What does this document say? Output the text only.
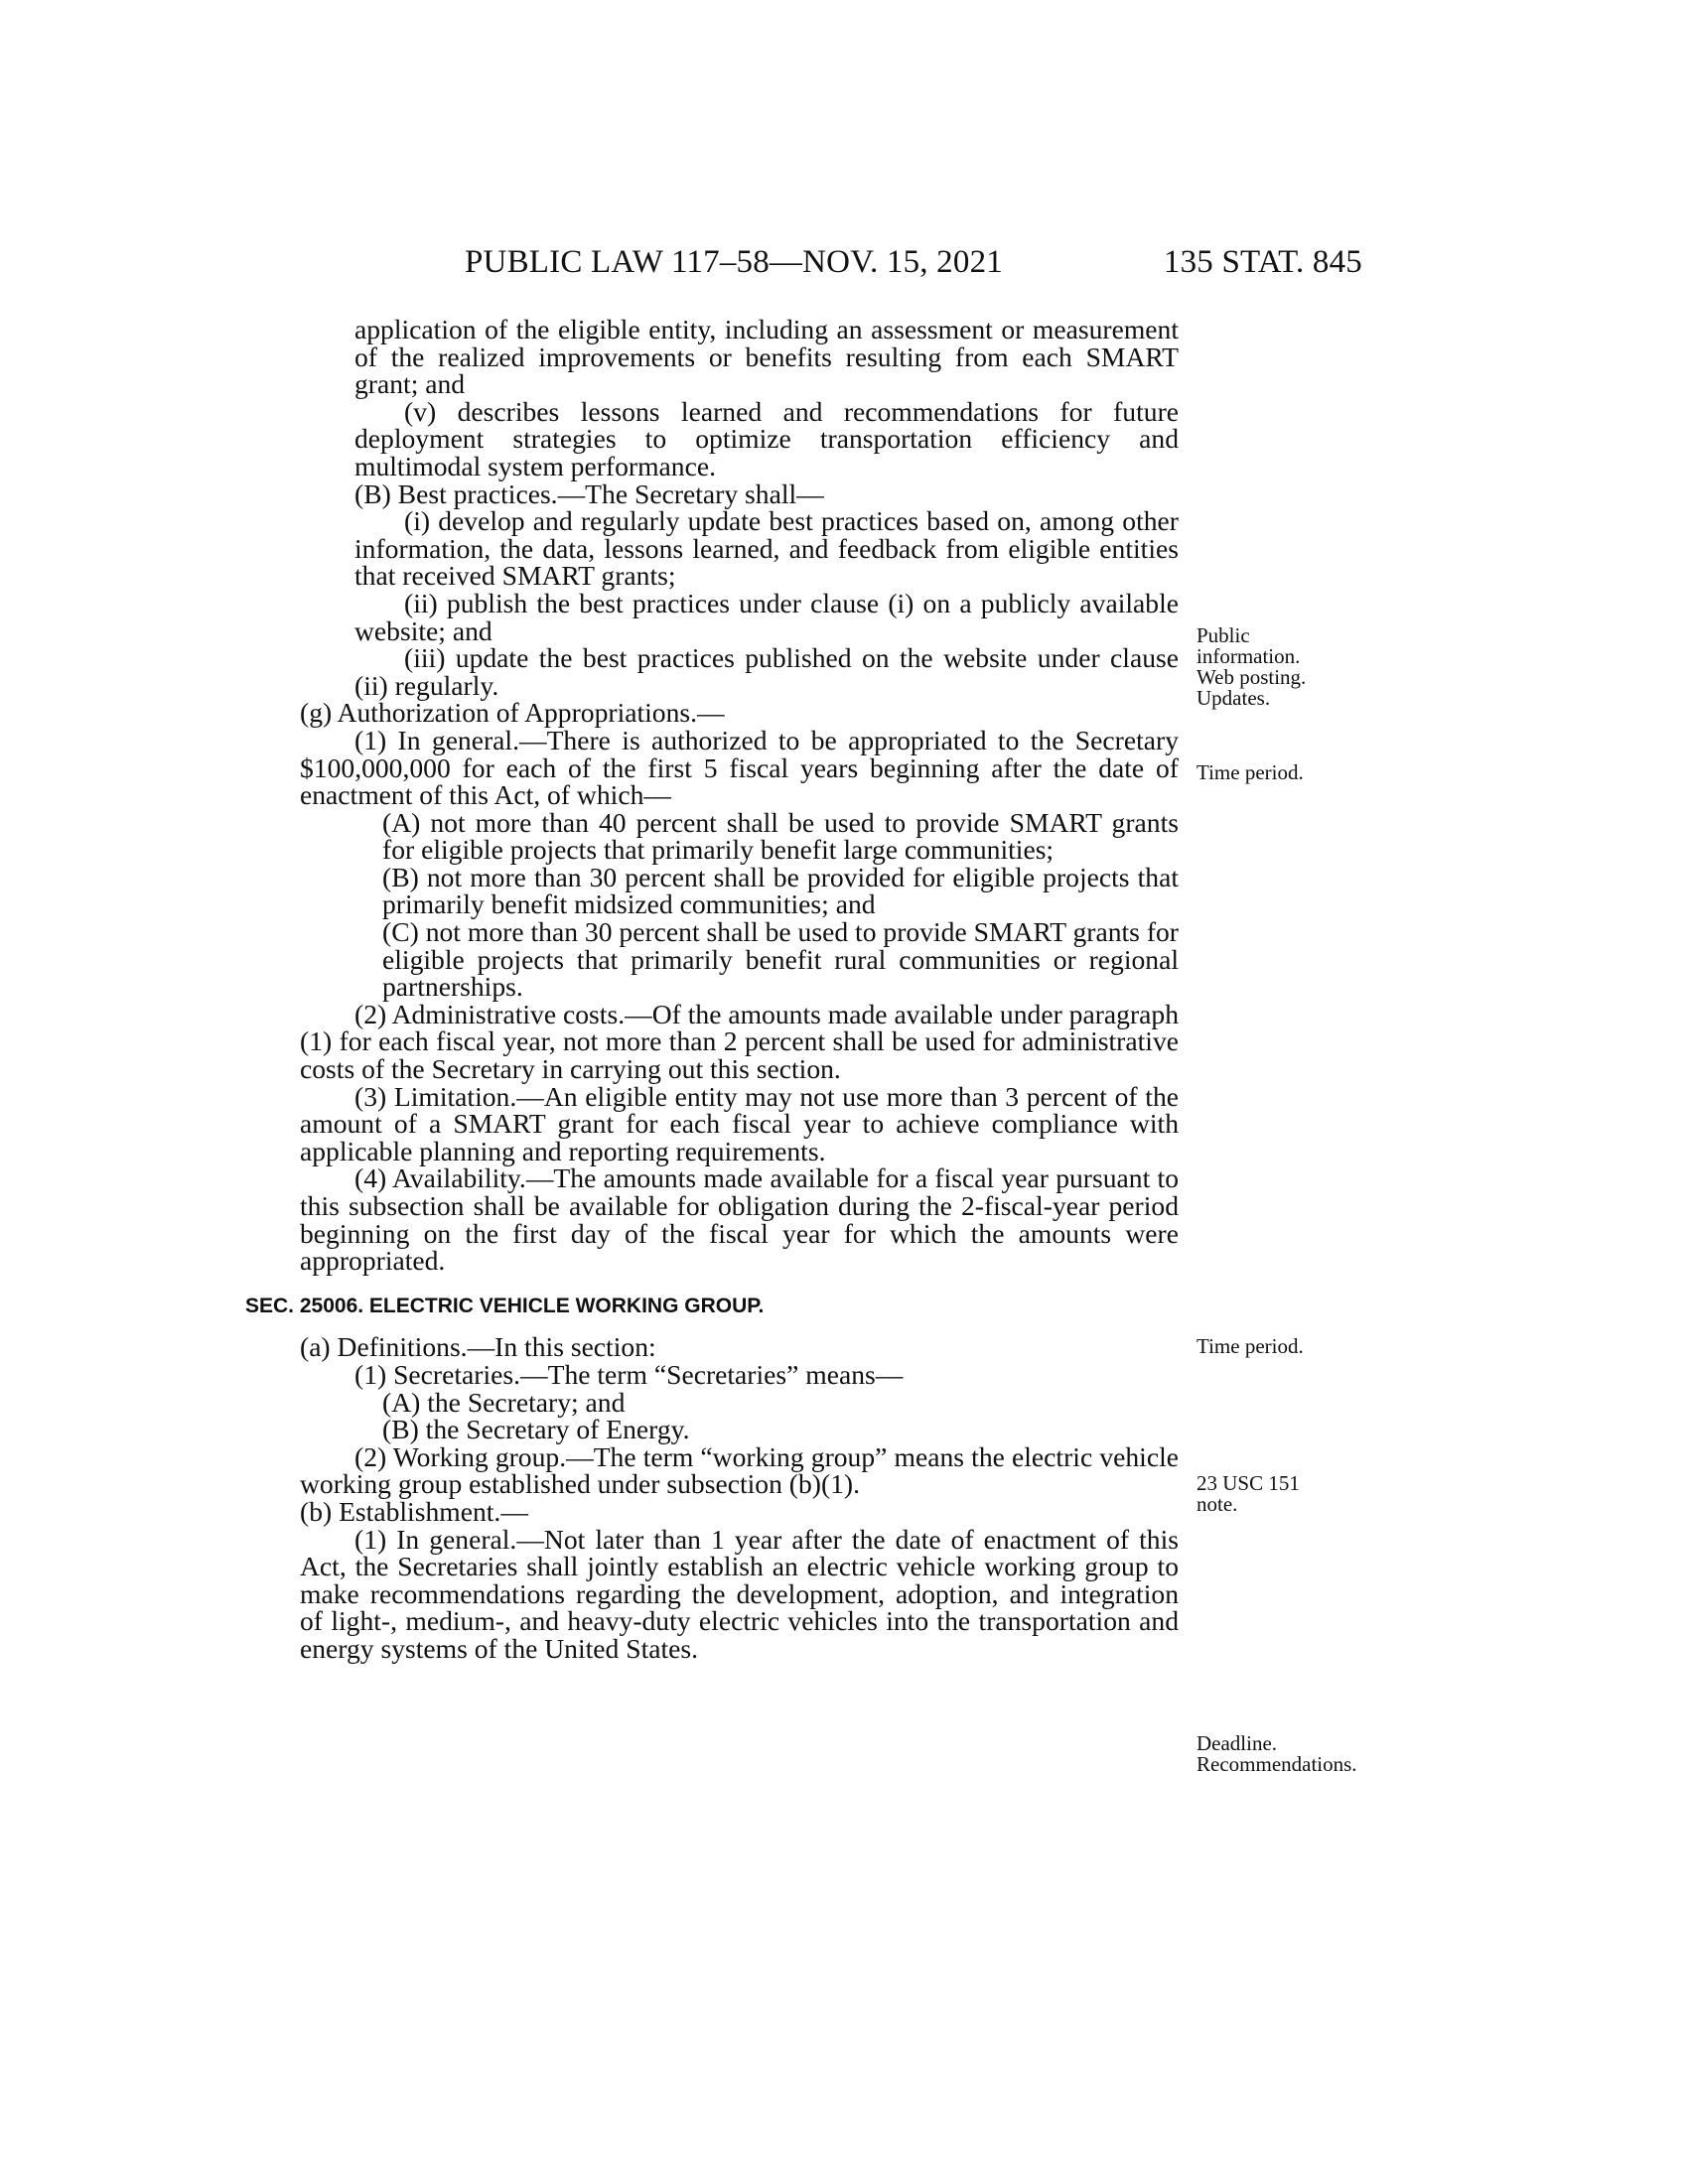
PUBLIC LAW 117–58—NOV. 15, 2021	135 STAT. 845

application of the eligible entity, including an assessment or measurement of the realized improvements or benefits resulting from each SMART grant; and

(v) describes lessons learned and recommendations for future deployment strategies to optimize transportation efficiency and multimodal system performance.

(B) Best practices.—The Secretary shall—

(i) develop and regularly update best practices based on, among other information, the data, lessons learned, and feedback from eligible entities that received SMART grants;

(ii) publish the best practices under clause (i) on a publicly available website; and

(iii) update the best practices published on the website under clause (ii) regularly.

(g) Authorization of Appropriations.—

(1) In general.—There is authorized to be appropriated to the Secretary $100,000,000 for each of the first 5 fiscal years beginning after the date of enactment of this Act, of which—

(A) not more than 40 percent shall be used to provide SMART grants for eligible projects that primarily benefit large communities;

(B) not more than 30 percent shall be provided for eligible projects that primarily benefit midsized communities; and

(C) not more than 30 percent shall be used to provide SMART grants for eligible projects that primarily benefit rural communities or regional partnerships.

(2) Administrative costs.—Of the amounts made available under paragraph (1) for each fiscal year, not more than 2 percent shall be used for administrative costs of the Secretary in carrying out this section.

(3) Limitation.—An eligible entity may not use more than 3 percent of the amount of a SMART grant for each fiscal year to achieve compliance with applicable planning and reporting requirements.

(4) Availability.—The amounts made available for a fiscal year pursuant to this subsection shall be available for obligation during the 2-fiscal-year period beginning on the first day of the fiscal year for which the amounts were appropriated.

SEC. 25006. ELECTRIC VEHICLE WORKING GROUP.

(a) Definitions.—In this section:

(1) Secretaries.—The term “Secretaries” means—

(A) the Secretary; and

(B) the Secretary of Energy.

(2) Working group.—The term “working group” means the electric vehicle working group established under subsection (b)(1).

(b) Establishment.—

(1) In general.—Not later than 1 year after the date of enactment of this Act, the Secretaries shall jointly establish an electric vehicle working group to make recommendations regarding the development, adoption, and integration of light-, medium-, and heavy-duty electric vehicles into the transportation and energy systems of the United States.

Public information. Web posting. Updates.
Time period.
Time period.
23 USC 151 note.
Deadline. Recommendations.
